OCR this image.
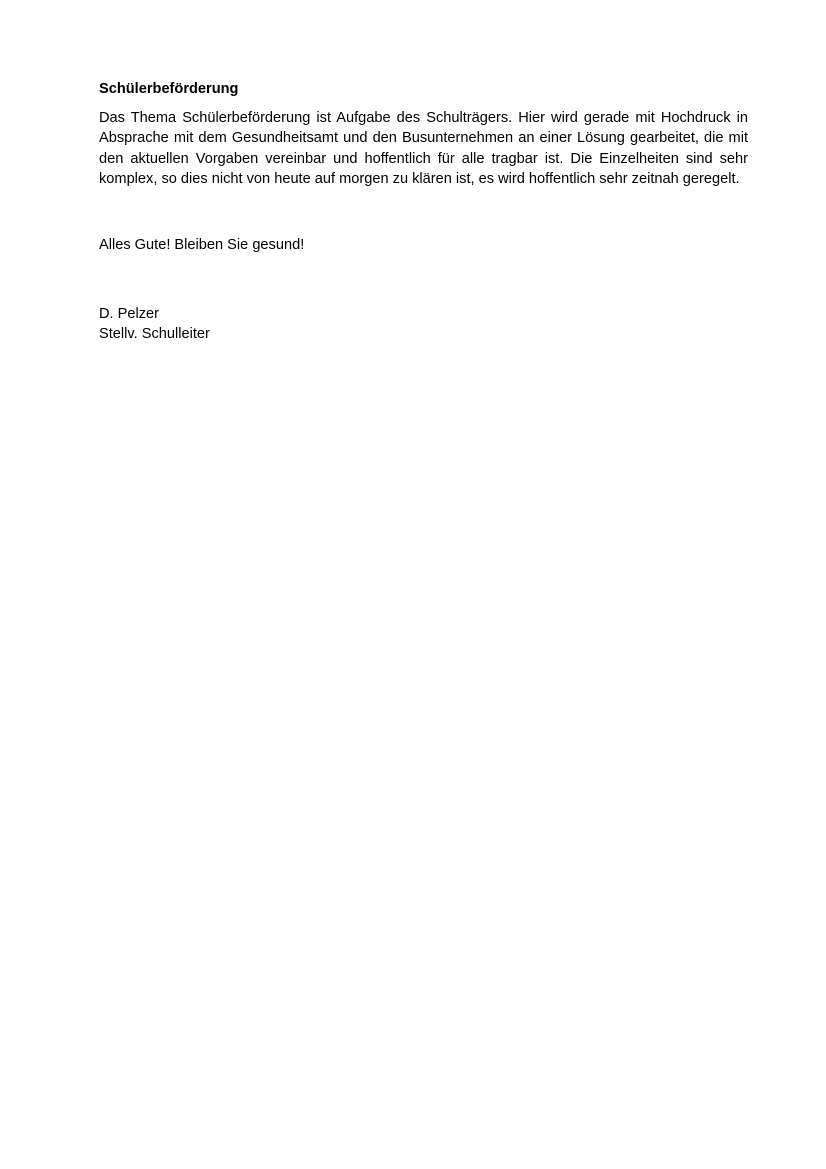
Schülerbeförderung
Das Thema Schülerbeförderung ist Aufgabe des Schulträgers. Hier wird gerade mit Hochdruck in Absprache mit dem Gesundheitsamt und den Busunternehmen an einer Lösung gearbeitet, die mit den aktuellen Vorgaben vereinbar und hoffentlich für alle tragbar ist. Die Einzelheiten sind sehr komplex, so dies nicht von heute auf morgen zu klären ist, es wird hoffentlich sehr zeitnah geregelt.
Alles Gute! Bleiben Sie gesund!
D. Pelzer
Stellv. Schulleiter
